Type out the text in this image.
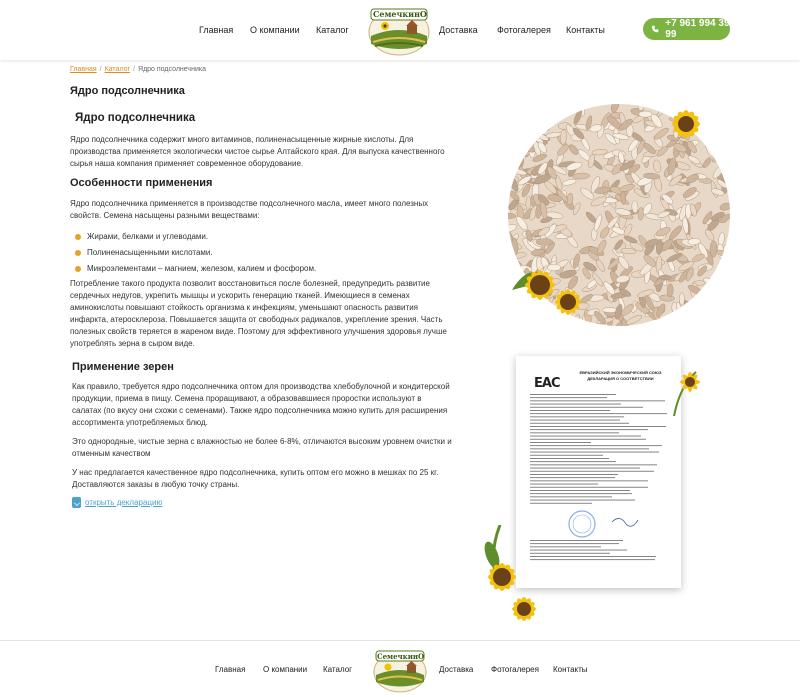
Главная О компании Каталог	Доставка Фотогалерея Контакты
СемечкинО
+7 961 994 39 99
Главная / Каталог / Ядро подсолнечника
Ядро подсолнечника
Ядро подсолнечника

Ядро подсолнечника содержит много витаминов, полиненасыщенные жирные кислоты. Для производства применяется экологически чистое сырье Алтайского края. Для выпуска качественного сырья наша компания применяет современное оборудование.

Особенности применения

Ядро подсолнечника применяется в производстве подсолнечного масла, имеет много полезных свойств. Семена насыщены разными веществами:

Жирами, белками и углеводами.
Полиненасыщенными кислотами.
Микроэлементами – магнием, железом, калием и фосфором.

Потребление такого продукта позволит восстановиться после болезней, предупредить развитие сердечных недугов, укрепить мышцы и ускорить генерацию тканей. Имеющиеся в семенах аминокислоты повышают стойкость организма к инфекциям, уменьшают опасность развития инфаркта, атеросклероза. Повышается защита от свободных радикалов, укрепление зрения. Часть полезных свойств теряется в жареном виде. Поэтому для эффективного улучшения здоровья лучше употреблять зерна в сыром виде.

Применение зерен

Как правило, требуется ядро подсолнечника оптом для производства хлебобулочной и кондитерской продукции, приема в пищу. Семена проращивают, а образовавшиеся проростки используют в салатах (по вкусу они схожи с семенами). Также ядро подсолнечника можно купить для расширения ассортимента употребляемых блюд.

Это однородные, чистые зерна с влажностью не более 6-8%, отличаются высоким уровнем очистки и отменным качеством

У нас предлагается качественное ядро подсолнечника, купить оптом его можно в мешках по 25 кг. Доставляются заказы в любую точку страны.

открыть декларацию
ЕАС
ЕВРАЗИЙСКИЙ ЭКОНОМИЧЕСКИЙ СОЮЗ
ДЕКЛАРАЦИЯ О СООТВЕТСТВИИ
Главная О компании Каталог	Доставка Фотогалерея Контакты
СемечкинО
